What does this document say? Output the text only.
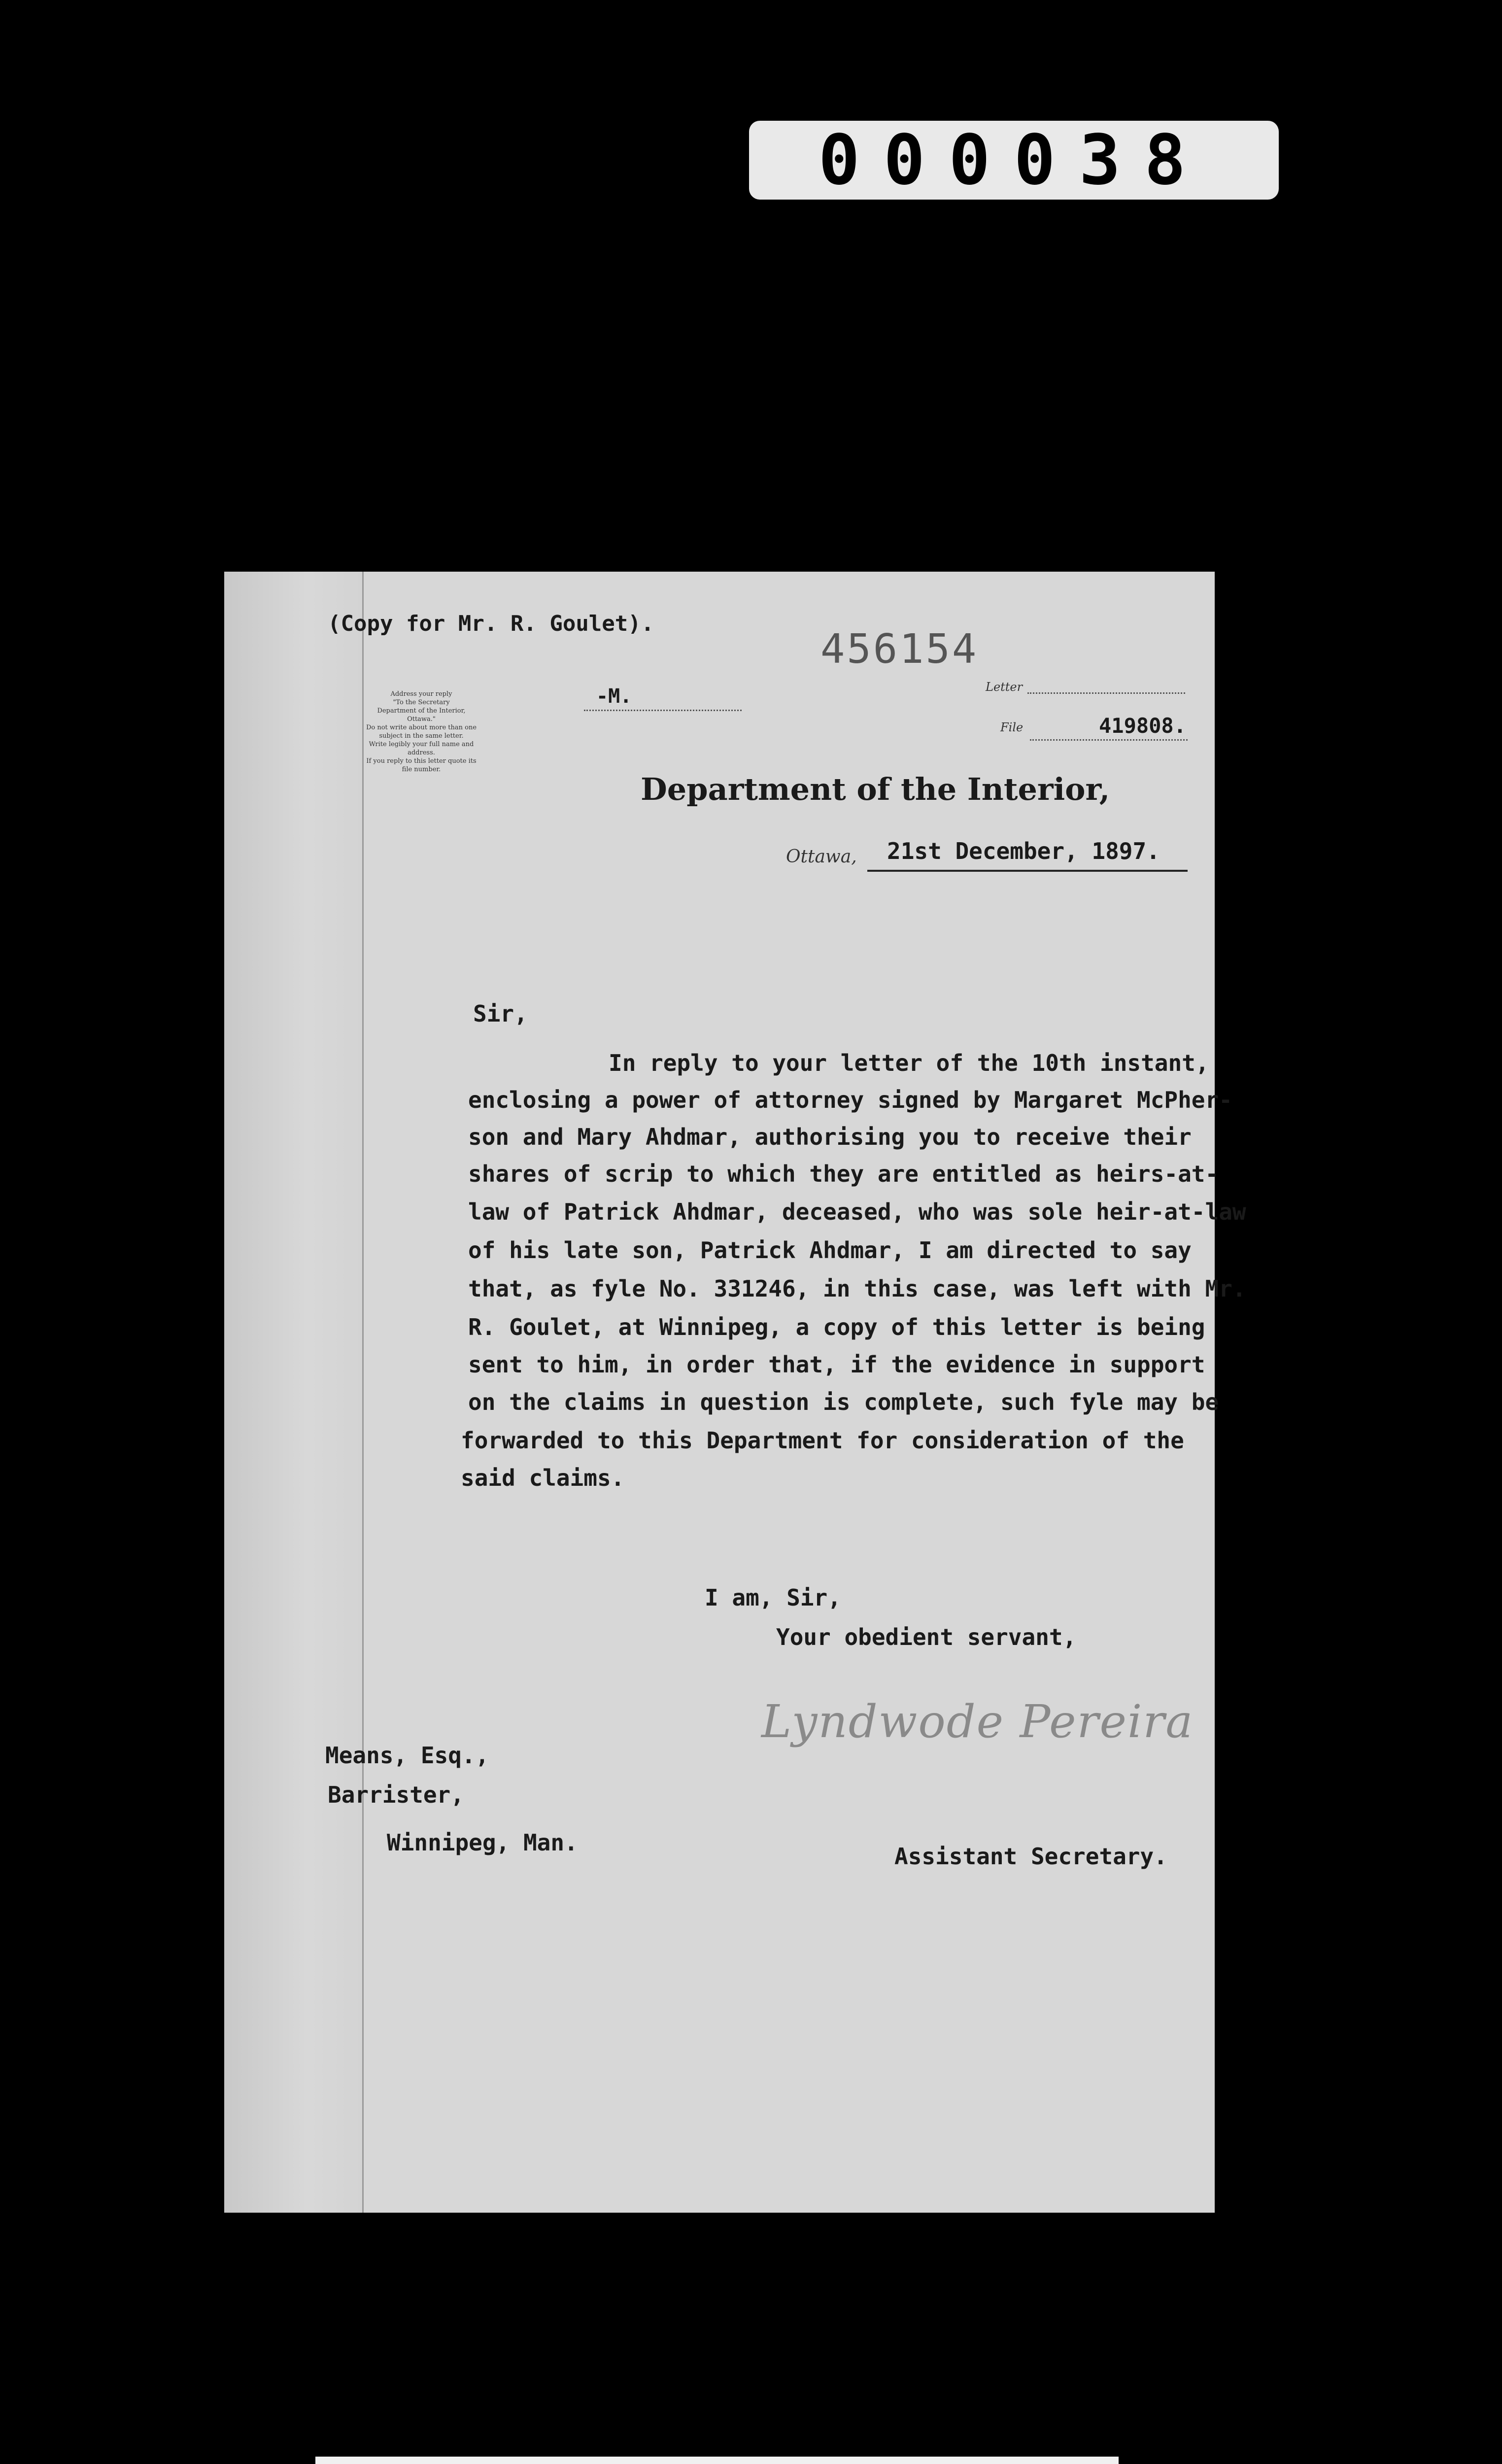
000038
(Copy for Mr. R. Goulet).
456154
-M.
Address your reply
"To the Secretary
Department of the Interior,
Ottawa."
Do not write about more than one
subject in the same letter.
Write legibly your full name and
address.
If you reply to this letter quote its
file number.
Letter
File	419808.
Department of the Interior,
Ottawa, 21st December, 1897.
Sir,
In reply to your letter of the 10th instant,
enclosing a power of attorney signed by Margaret McPher-
son and Mary Ahdmar, authorising you to receive their
shares of scrip to which they are entitled as heirs-at-
law of Patrick Ahdmar, deceased, who was sole heir-at-law
of his late son, Patrick Ahdmar, I am directed to say
that, as fyle No. 331246, in this case, was left with Mr.
R. Goulet, at Winnipeg, a copy of this letter is being
sent to him, in order that, if the evidence in support
on the claims in question is complete, such fyle may be
forwarded to this Department for consideration of the
said claims.
I am, Sir,
Your obedient servant,
Lyndwode Pereira
Means, Esq.,
Barrister,
Winnipeg, Man.
Assistant Secretary.
